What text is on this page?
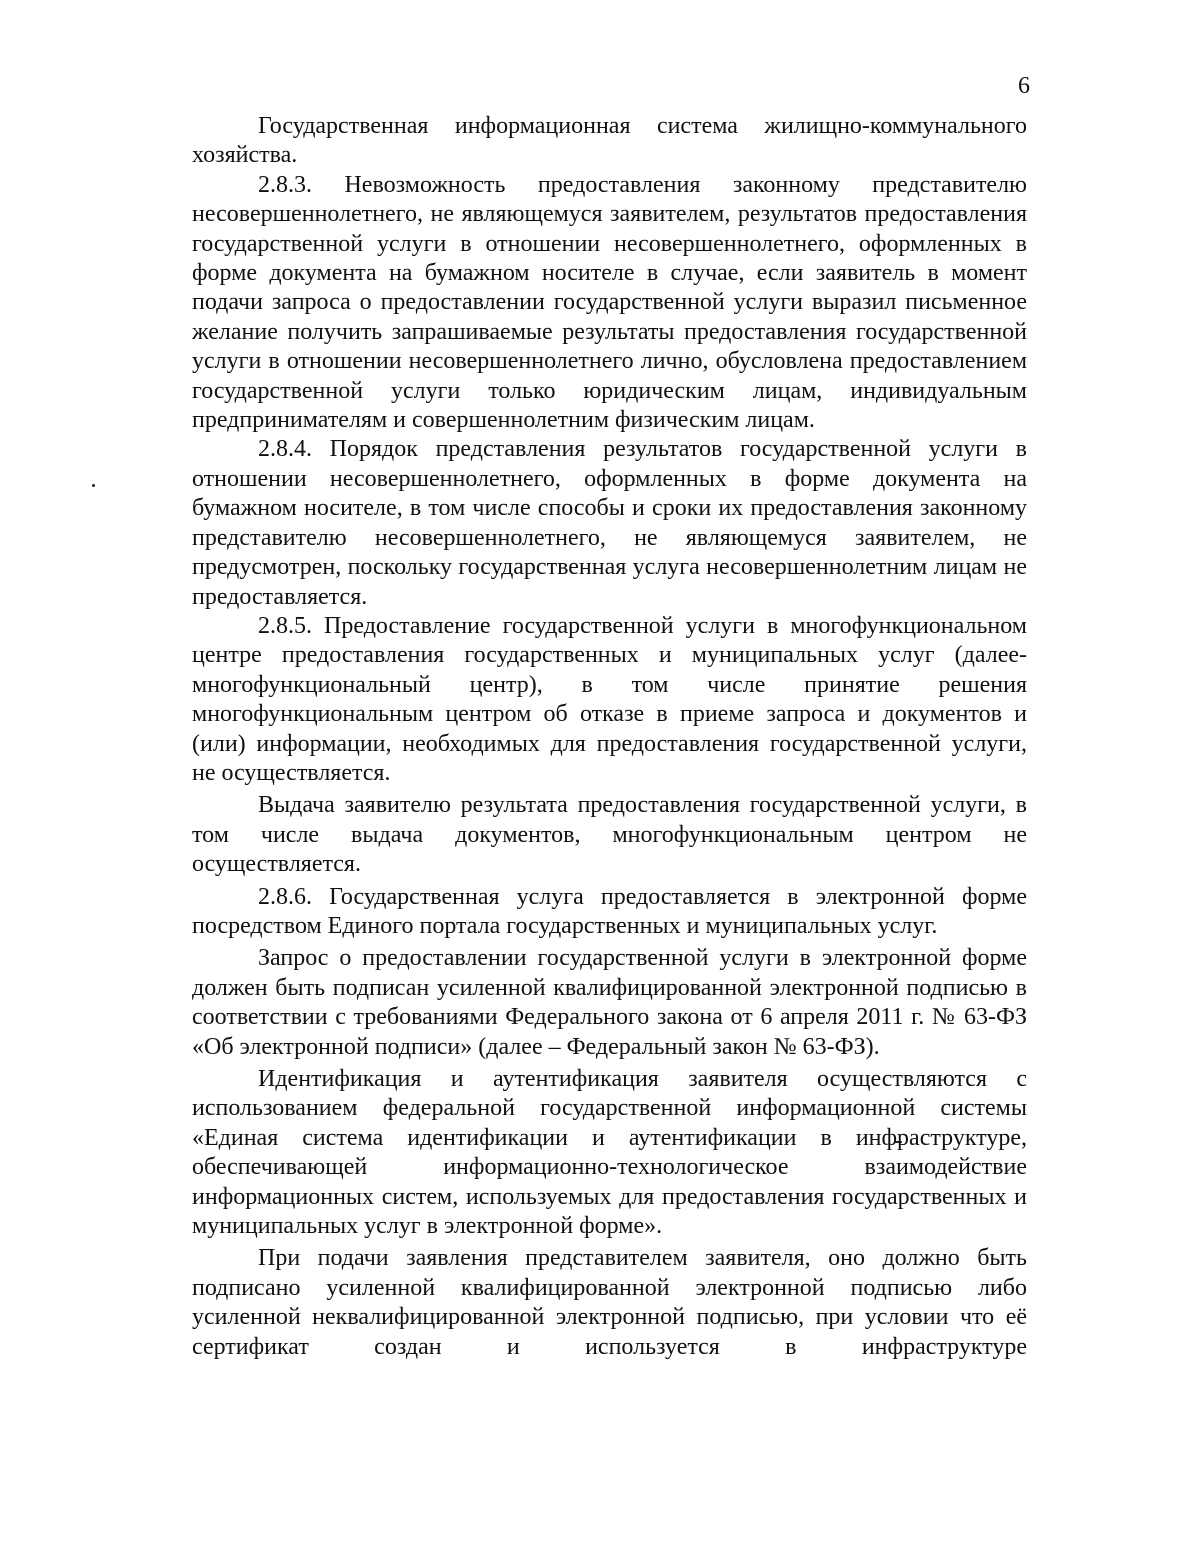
6

Государственная информационная система жилищно-коммунального хозяйства.

2.8.3. Невозможность предоставления законному представителю несовершеннолетнего, не являющемуся заявителем, результатов предоставления государственной услуги в отношении несовершеннолетнего, оформленных в форме документа на бумажном носителе в случае, если заявитель в момент подачи запроса о предоставлении государственной услуги выразил письменное желание получить запрашиваемые результаты предоставления государственной услуги в отношении несовершеннолетнего лично, обусловлена предоставлением государственной услуги только юридическим лицам, индивидуальным предпринимателям и совершеннолетним физическим лицам.

2.8.4. Порядок представления результатов государственной услуги в отношении несовершеннолетнего, оформленных в форме документа на бумажном носителе, в том числе способы и сроки их предоставления законному представителю несовершеннолетнего, не являющемуся заявителем, не предусмотрен, поскольку государственная услуга несовершеннолетним лицам не предоставляется.

2.8.5. Предоставление государственной услуги в многофункциональном центре предоставления государственных и муниципальных услуг (далее- многофункциональный центр), в том числе принятие решения многофункциональным центром об отказе в приеме запроса и документов и (или) информации, необходимых для предоставления государственной услуги, не осуществляется.

Выдача заявителю результата предоставления государственной услуги, в том числе выдача документов, многофункциональным центром не осуществляется.

2.8.6. Государственная услуга предоставляется в электронной форме посредством Единого портала государственных и муниципальных услуг.

Запрос о предоставлении государственной услуги в электронной форме должен быть подписан усиленной квалифицированной электронной подписью в соответствии с требованиями Федерального закона от 6 апреля 2011 г. № 63-ФЗ «Об электронной подписи» (далее – Федеральный закон № 63-ФЗ).

Идентификация и аутентификация заявителя осуществляются с использованием федеральной государственной информационной системы «Единая система идентификации и аутентификации в инфраструктуре, обеспечивающей информационно-технологическое взаимодействие информационных систем, используемых для предоставления государственных и муниципальных услуг в электронной форме».

При подачи заявления представителем заявителя, оно должно быть подписано усиленной квалифицированной электронной подписью либо усиленной неквалифицированной электронной подписью, при условии что её сертификат создан и используется в инфраструктуре
